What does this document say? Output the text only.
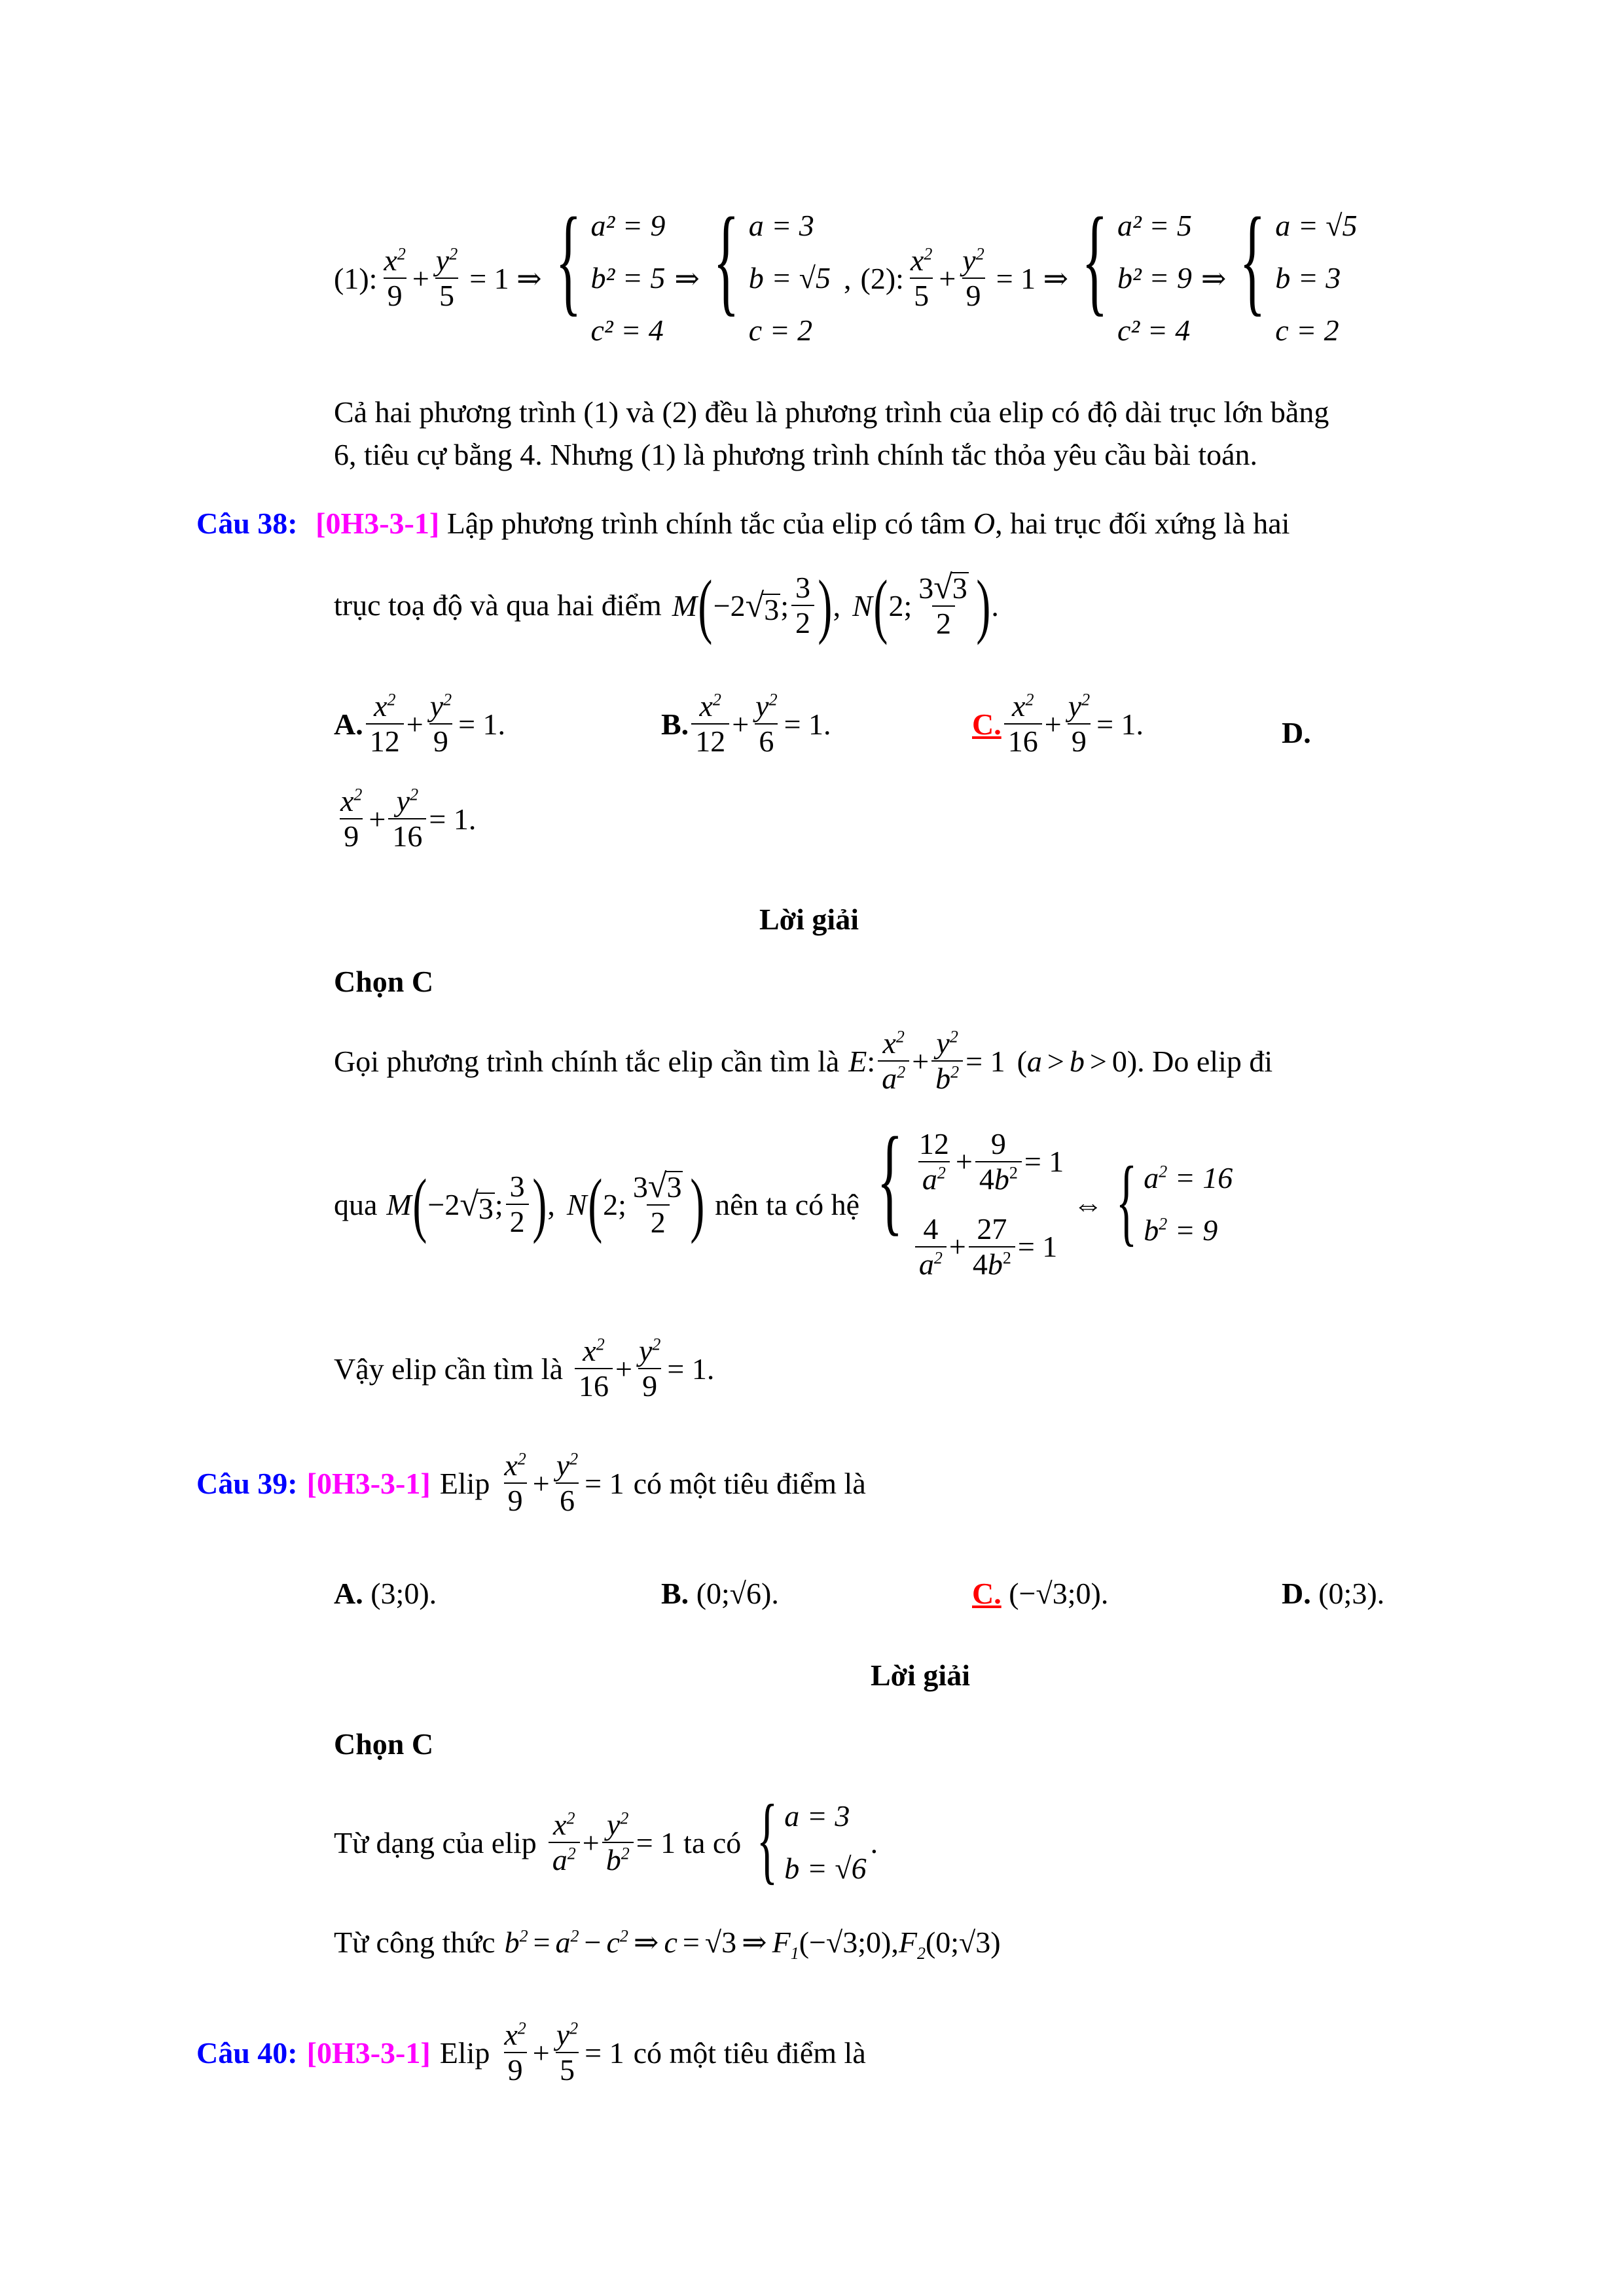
(1): $\frac{x^2}{9} + \frac{y^2}{5} = 1$ ⇒ { a² = 9
b² = 5
c² = 4
⇒ { a = 3
b = √5
c = 2
, (2): $\frac{x^2}{5} + \frac{y^2}{9} = 1$ ⇒ { a² = 5
b² = 9
c² = 4
⇒ { a = √5
b = 3
c = 2
Cả hai phương trình (1) và (2) đều là phương trình của elip có độ dài trục lớn bằng
6, tiêu cự bằng 4. Nhưng (1) là phương trình chính tắc thỏa yêu cầu bài toán.
Câu 38: [0H3-3-1] Lập phương trình chính tắc của elip có tâm O, hai trục đối xứng là hai
trục toạ độ và qua hai điểm M ( −2 √ 3 ; $\frac{3}{2}$ ) , N ( 2; $\frac{3 √ 3}{2}$ ) .
A. $\frac{x^2}{12} + \frac{y^2}{9} = 1$.	B. $\frac{x^2}{12} + \frac{y^2}{6} = 1$.	C. $\frac{x^2}{16} + \frac{y^2}{9} = 1$.	D.
$\frac{x^2}{9} + \frac{y^2}{16} = 1$.
Lời giải
Chọn C
Gọi phương trình chính tắc elip cần tìm là E : $\frac{x^2}{a^2} + \frac{y^2}{b^2} = 1$ ( a > b > 0) . Do elip đi
qua M ( −2 √ 3 ; $\frac{3}{2}$ ) , N ( 2; $\frac{3 √ 3}{2}$ ) nên ta có hệ { $\frac{12}{a^2} + \frac{9}{4b^2} = 1$
$\frac{4}{a^2} + \frac{27}{4b^2} = 1$
⇔ { $a^2 = 16$
$b^2 = 9$
Vậy elip cần tìm là $\frac{x^2}{16} + \frac{y^2}{9} = 1$.
Câu 39: [0H3-3-1] Elip $\frac{x^2}{9} + \frac{y^2}{6} = 1$ có một tiêu điểm là
A. (3;0).	B. (0;√6).	C. (−√3;0).	D. (0;3).
Lời giải
Chọn C
Từ dạng của elip $\frac{x^2}{a^2} + \frac{y^2}{b^2} = 1$ ta có { a = 3
b = √6
.
Từ công thức $b^2 = a^2 - c^2$ ⇒ c = √3 ⇒ $F_1$ (−√3;0), $F_2$ (0;√3)
Câu 40: [0H3-3-1] Elip $\frac{x^2}{9} + \frac{y^2}{5} = 1$ có một tiêu điểm là
